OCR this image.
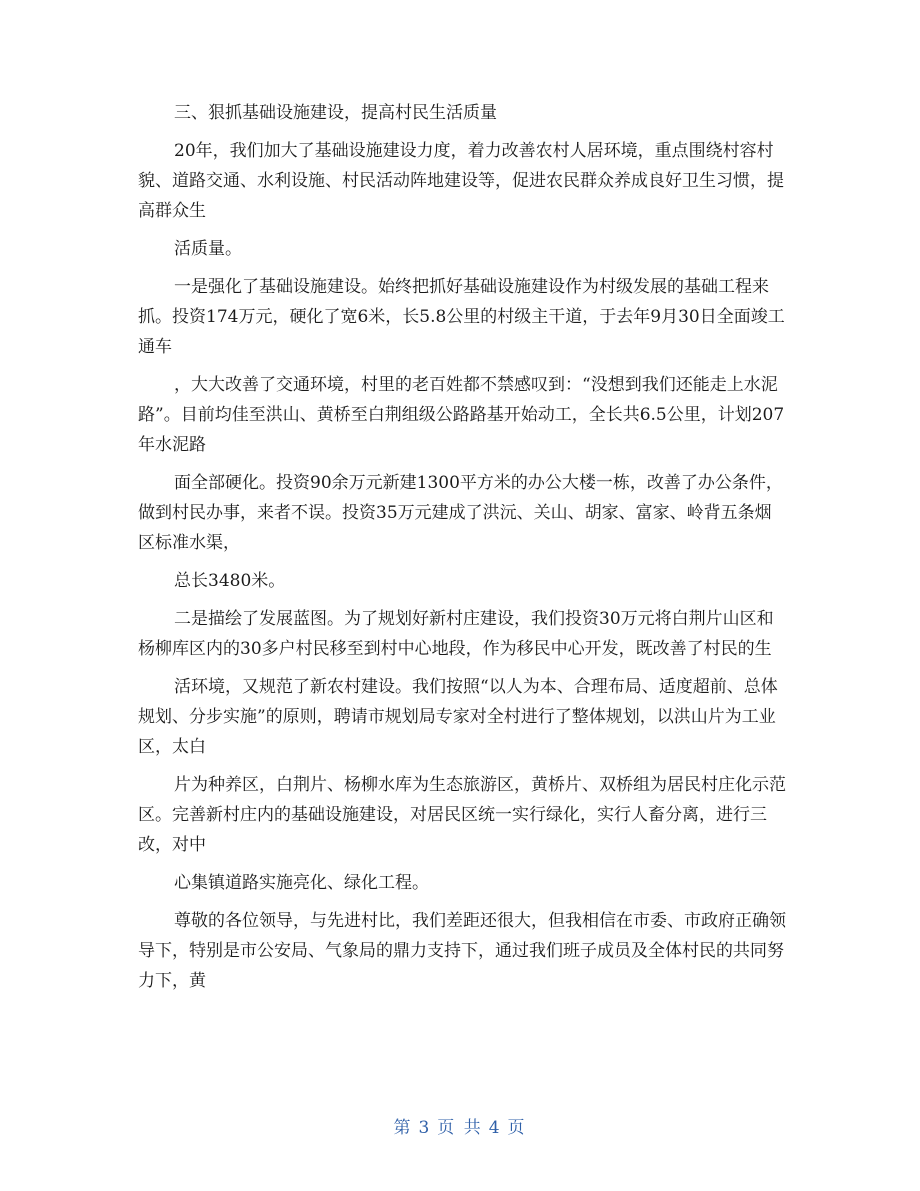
三、狠抓基础设施建设，提高村民生活质量

20年，我们加大了基础设施建设力度，着力改善农村人居环境，重点围绕村容村貌、道路交通、水利设施、村民活动阵地建设等，促进农民群众养成良好卫生习惯，提高群众生

活质量。

一是强化了基础设施建设。始终把抓好基础设施建设作为村级发展的基础工程来抓。投资174万元，硬化了宽6米，长5.8公里的村级主干道，于去年9月30日全面竣工通车

，大大改善了交通环境，村里的老百姓都不禁感叹到：“没想到我们还能走上水泥路”。目前均佳至洪山、黄桥至白荆组级公路路基开始动工，全长共6.5公里，计划207年水泥路

面全部硬化。投资90余万元新建1300平方米的办公大楼一栋，改善了办公条件，做到村民办事，来者不误。投资35万元建成了洪沅、关山、胡家、富家、岭背五条烟区标准水渠，

总长3480米。

二是描绘了发展蓝图。为了规划好新村庄建设，我们投资30万元将白荆片山区和杨柳库区内的30多户村民移至到村中心地段，作为移民中心开发，既改善了村民的生

活环境，又规范了新农村建设。我们按照“以人为本、合理布局、适度超前、总体规划、分步实施”的原则，聘请市规划局专家对全村进行了整体规划，以洪山片为工业区，太白

片为种养区，白荆片、杨柳水库为生态旅游区，黄桥片、双桥组为居民村庄化示范区。完善新村庄内的基础设施建设，对居民区统一实行绿化，实行人畜分离，进行三改，对中

心集镇道路实施亮化、绿化工程。

尊敬的各位领导，与先进村比，我们差距还很大，但我相信在市委、市政府正确领导下，特别是市公安局、气象局的鼎力支持下，通过我们班子成员及全体村民的共同努力下，黄

第 3 页 共 4 页
